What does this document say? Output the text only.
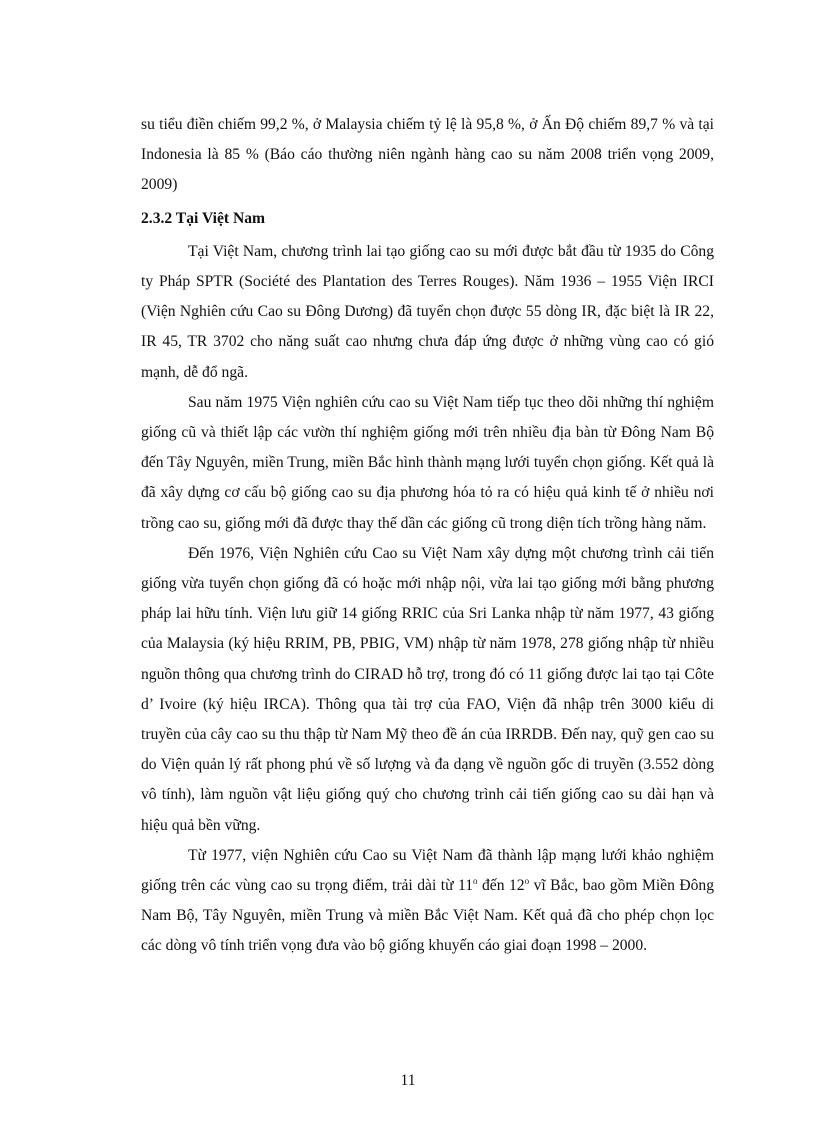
su tiểu điền chiếm 99,2 %, ở Malaysia chiếm tỷ lệ là 95,8 %, ở Ấn Độ chiếm 89,7 % và tại Indonesia là 85 % (Báo cáo thường niên ngành hàng cao su năm 2008 triển vọng 2009, 2009)

2.3.2 Tại Việt Nam

Tại Việt Nam, chương trình lai tạo giống cao su mới được bắt đầu từ 1935 do Công ty Pháp SPTR (Société des Plantation des Terres Rouges). Năm 1936 – 1955 Viện IRCI (Viện Nghiên cứu Cao su Đông Dương) đã tuyển chọn được 55 dòng IR, đặc biệt là IR 22, IR 45, TR 3702 cho năng suất cao nhưng chưa đáp ứng được ở những vùng cao có gió mạnh, dễ đổ ngã.

Sau năm 1975 Viện nghiên cứu cao su Việt Nam tiếp tục theo dõi những thí nghiệm giống cũ và thiết lập các vườn thí nghiệm giống mới trên nhiều địa bàn từ Đông Nam Bộ đến Tây Nguyên, miền Trung, miền Bắc hình thành mạng lưới tuyển chọn giống. Kết quả là đã xây dựng cơ cấu bộ giống cao su địa phương hóa tỏ ra có hiệu quả kinh tế ở nhiều nơi trồng cao su, giống mới đã được thay thế dần các giống cũ trong diện tích trồng hàng năm.

Đến 1976, Viện Nghiên cứu Cao su Việt Nam xây dựng một chương trình cải tiến giống vừa tuyển chọn giống đã có hoặc mới nhập nội, vừa lai tạo giống mới bằng phương pháp lai hữu tính. Viện lưu giữ 14 giống RRIC của Sri Lanka nhập từ năm 1977, 43 giống của Malaysia (ký hiệu RRIM, PB, PBIG, VM) nhập từ năm 1978, 278 giống nhập từ nhiều nguồn thông qua chương trình do CIRAD hỗ trợ, trong đó có 11 giống được lai tạo tại Côte d’ Ivoire (ký hiệu IRCA). Thông qua tài trợ của FAO, Viện đã nhập trên 3000 kiểu di truyền của cây cao su thu thập từ Nam Mỹ theo đề án của IRRDB. Đến nay, quỹ gen cao su do Viện quản lý rất phong phú về số lượng và đa dạng về nguồn gốc di truyền (3.552 dòng vô tính), làm nguồn vật liệu giống quý cho chương trình cải tiến giống cao su dài hạn và hiệu quả bền vững.

Từ 1977, viện Nghiên cứu Cao su Việt Nam đã thành lập mạng lưới khảo nghiệm giống trên các vùng cao su trọng điểm, trải dài từ 11$^o$ đến 12$^o$ vĩ Bắc, bao gồm Miền Đông Nam Bộ, Tây Nguyên, miền Trung và miền Bắc Việt Nam. Kết quả đã cho phép chọn lọc các dòng vô tính triển vọng đưa vào bộ giống khuyến cáo giai đoạn 1998 – 2000.

11
